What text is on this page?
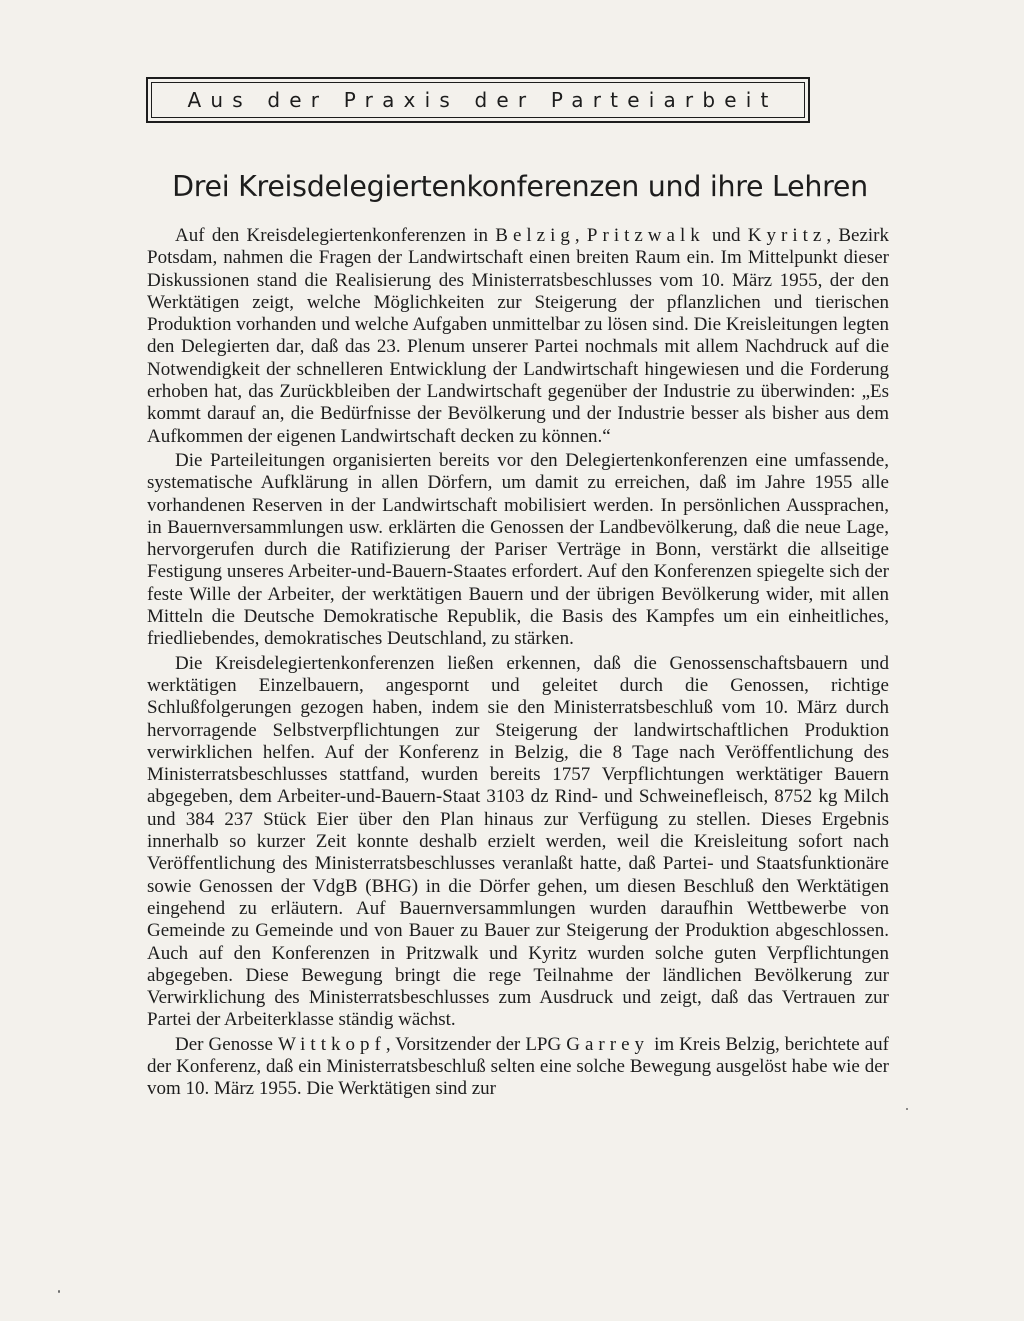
Aus der Praxis der Parteiarbeit
Drei Kreisdelegiertenkonferenzen und ihre Lehren

Auf den Kreisdelegiertenkonferenzen in Belzig, Pritzwalk und Kyritz, Bezirk Potsdam, nahmen die Fragen der Landwirtschaft einen breiten Raum ein. Im Mittelpunkt dieser Diskussionen stand die Realisierung des Ministerratsbeschlusses vom 10. März 1955, der den Werktätigen zeigt, welche Möglichkeiten zur Steigerung der pflanzlichen und tierischen Produktion vorhanden und welche Aufgaben unmittelbar zu lösen sind. Die Kreisleitungen legten den Delegierten dar, daß das 23. Plenum unserer Partei nochmals mit allem Nachdruck auf die Notwendigkeit der schnelleren Entwicklung der Landwirtschaft hingewiesen und die Forderung erhoben hat, das Zurückbleiben der Landwirtschaft gegenüber der Industrie zu überwinden: „Es kommt darauf an, die Bedürfnisse der Bevölkerung und der Industrie besser als bisher aus dem Aufkommen der eigenen Landwirtschaft decken zu können.“

Die Parteileitungen organisierten bereits vor den Delegiertenkonferenzen eine umfassende, systematische Aufklärung in allen Dörfern, um damit zu erreichen, daß im Jahre 1955 alle vorhandenen Reserven in der Landwirtschaft mobilisiert werden. In persönlichen Aussprachen, in Bauernversammlungen usw. erklärten die Genossen der Landbevölkerung, daß die neue Lage, hervorgerufen durch die Ratifizierung der Pariser Verträge in Bonn, verstärkt die allseitige Festigung unseres Arbeiter-und-Bauern-Staates erfordert. Auf den Konferenzen spiegelte sich der feste Wille der Arbeiter, der werktätigen Bauern und der übrigen Bevölkerung wider, mit allen Mitteln die Deutsche Demokratische Republik, die Basis des Kampfes um ein einheitliches, friedliebendes, demokratisches Deutschland, zu stärken.

Die Kreisdelegiertenkonferenzen ließen erkennen, daß die Genossenschaftsbauern und werktätigen Einzelbauern, angespornt und geleitet durch die Genossen, richtige Schlußfolgerungen gezogen haben, indem sie den Ministerratsbeschluß vom 10. März durch hervorragende Selbstverpflichtungen zur Steigerung der landwirtschaftlichen Produktion verwirklichen helfen. Auf der Konferenz in Belzig, die 8 Tage nach Veröffentlichung des Ministerratsbeschlusses stattfand, wurden bereits 1757 Verpflichtungen werktätiger Bauern abgegeben, dem Arbeiter-und-Bauern-Staat 3103 dz Rind- und Schweinefleisch, 8752 kg Milch und 384 237 Stück Eier über den Plan hinaus zur Verfügung zu stellen. Dieses Ergebnis innerhalb so kurzer Zeit konnte deshalb erzielt werden, weil die Kreisleitung sofort nach Veröffentlichung des Ministerratsbeschlusses veranlaßt hatte, daß Partei- und Staatsfunktionäre sowie Genossen der VdgB (BHG) in die Dörfer gehen, um diesen Beschluß den Werktätigen eingehend zu erläutern. Auf Bauernversammlungen wurden daraufhin Wettbewerbe von Gemeinde zu Gemeinde und von Bauer zu Bauer zur Steigerung der Produktion abgeschlossen. Auch auf den Konferenzen in Pritzwalk und Kyritz wurden solche guten Verpflichtungen abgegeben. Diese Bewegung bringt die rege Teilnahme der ländlichen Bevölkerung zur Verwirklichung des Ministerratsbeschlusses zum Ausdruck und zeigt, daß das Vertrauen zur Partei der Arbeiterklasse ständig wächst.

Der Genosse Wittkopf, Vorsitzender der LPG Garrey im Kreis Belzig, berichtete auf der Konferenz, daß ein Ministerratsbeschluß selten eine solche Bewegung ausgelöst habe wie der vom 10. März 1955. Die Werktätigen sind zur
